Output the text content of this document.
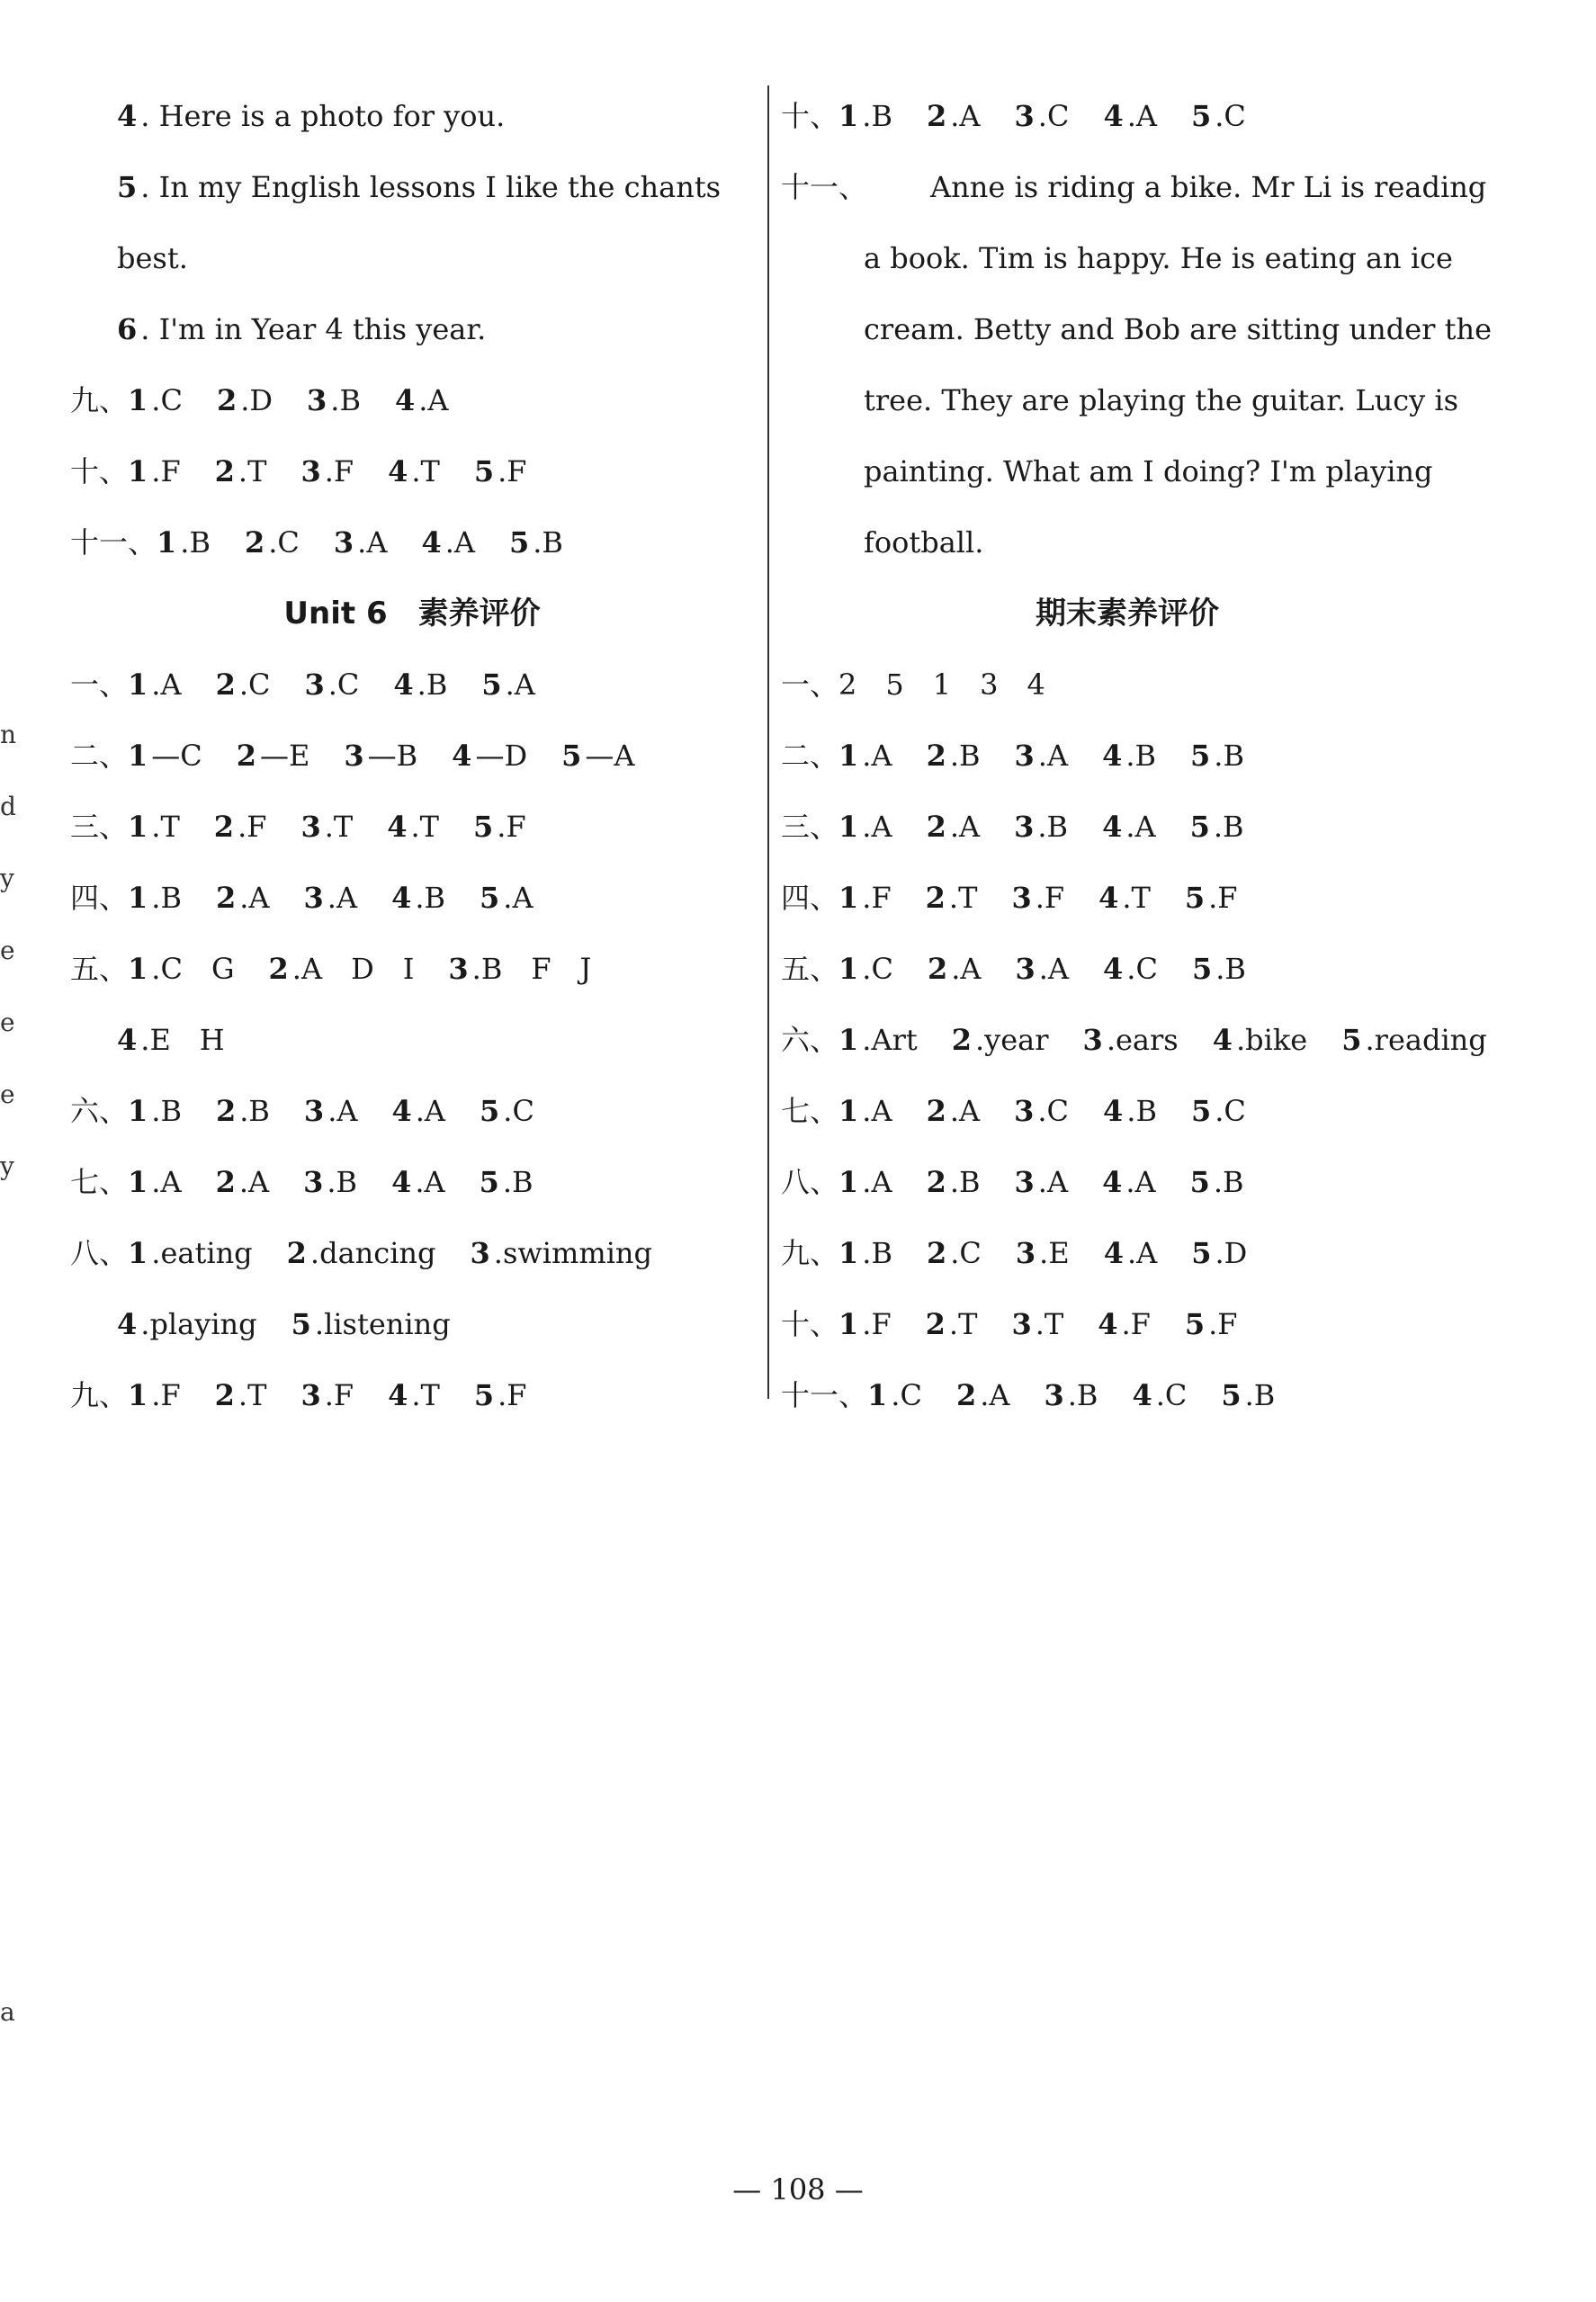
4 . Here is a photo for you.
5 . In my English lessons I like the chants
best.
6 . I'm in Year 4 this year.
九、1 .C 2 .D 3 .B 4 .A
十、1 .F 2 .T 3 .F 4 .T 5 .F
十一、1 .B 2 .C 3 .A 4 .A 5 .B
Unit 6　素养评价
一、1 .A 2 .C 3 .C 4 .B 5 .A
二、1 —C 2 —E 3 —B 4 —D 5 —A
三、1 .T 2 .F 3 .T 4 .T 5 .F
四、1 .B 2 .A 3 .A 4 .B 5 .A
五、1 .C　G 2 .A　D　I 3 .B　F　J
4 .E　H
六、1 .B 2 .B 3 .A 4 .A 5 .C
七、1 .A 2 .A 3 .B 4 .A 5 .B
八、1 .eating 2 .dancing 3 .swimming
4 .playing 5 .listening
九、1 .F 2 .T 3 .F 4 .T 5 .F
十、1 .B 2 .A 3 .C 4 .A 5 .C
十一、 Anne is riding a bike. Mr Li is reading
a book. Tim is happy. He is eating an ice
cream. Betty and Bob are sitting under the
tree. They are playing the guitar. Lucy is
painting. What am I doing? I'm playing
football.
期末素养评价
一、2　5　1　3　4
二、1 .A 2 .B 3 .A 4 .B 5 .B
三、1 .A 2 .A 3 .B 4 .A 5 .B
四、1 .F 2 .T 3 .F 4 .T 5 .F
五、1 .C 2 .A 3 .A 4 .C 5 .B
六、1 .Art 2 .year 3 .ears 4 .bike 5 .reading
七、1 .A 2 .A 3 .C 4 .B 5 .C
八、1 .A 2 .B 3 .A 4 .A 5 .B
九、1 .B 2 .C 3 .E 4 .A 5 .D
十、1 .F 2 .T 3 .T 4 .F 5 .F
十一、1 .C 2 .A 3 .B 4 .C 5 .B
n
d
y
e
e
e
y
a
— 108 —
